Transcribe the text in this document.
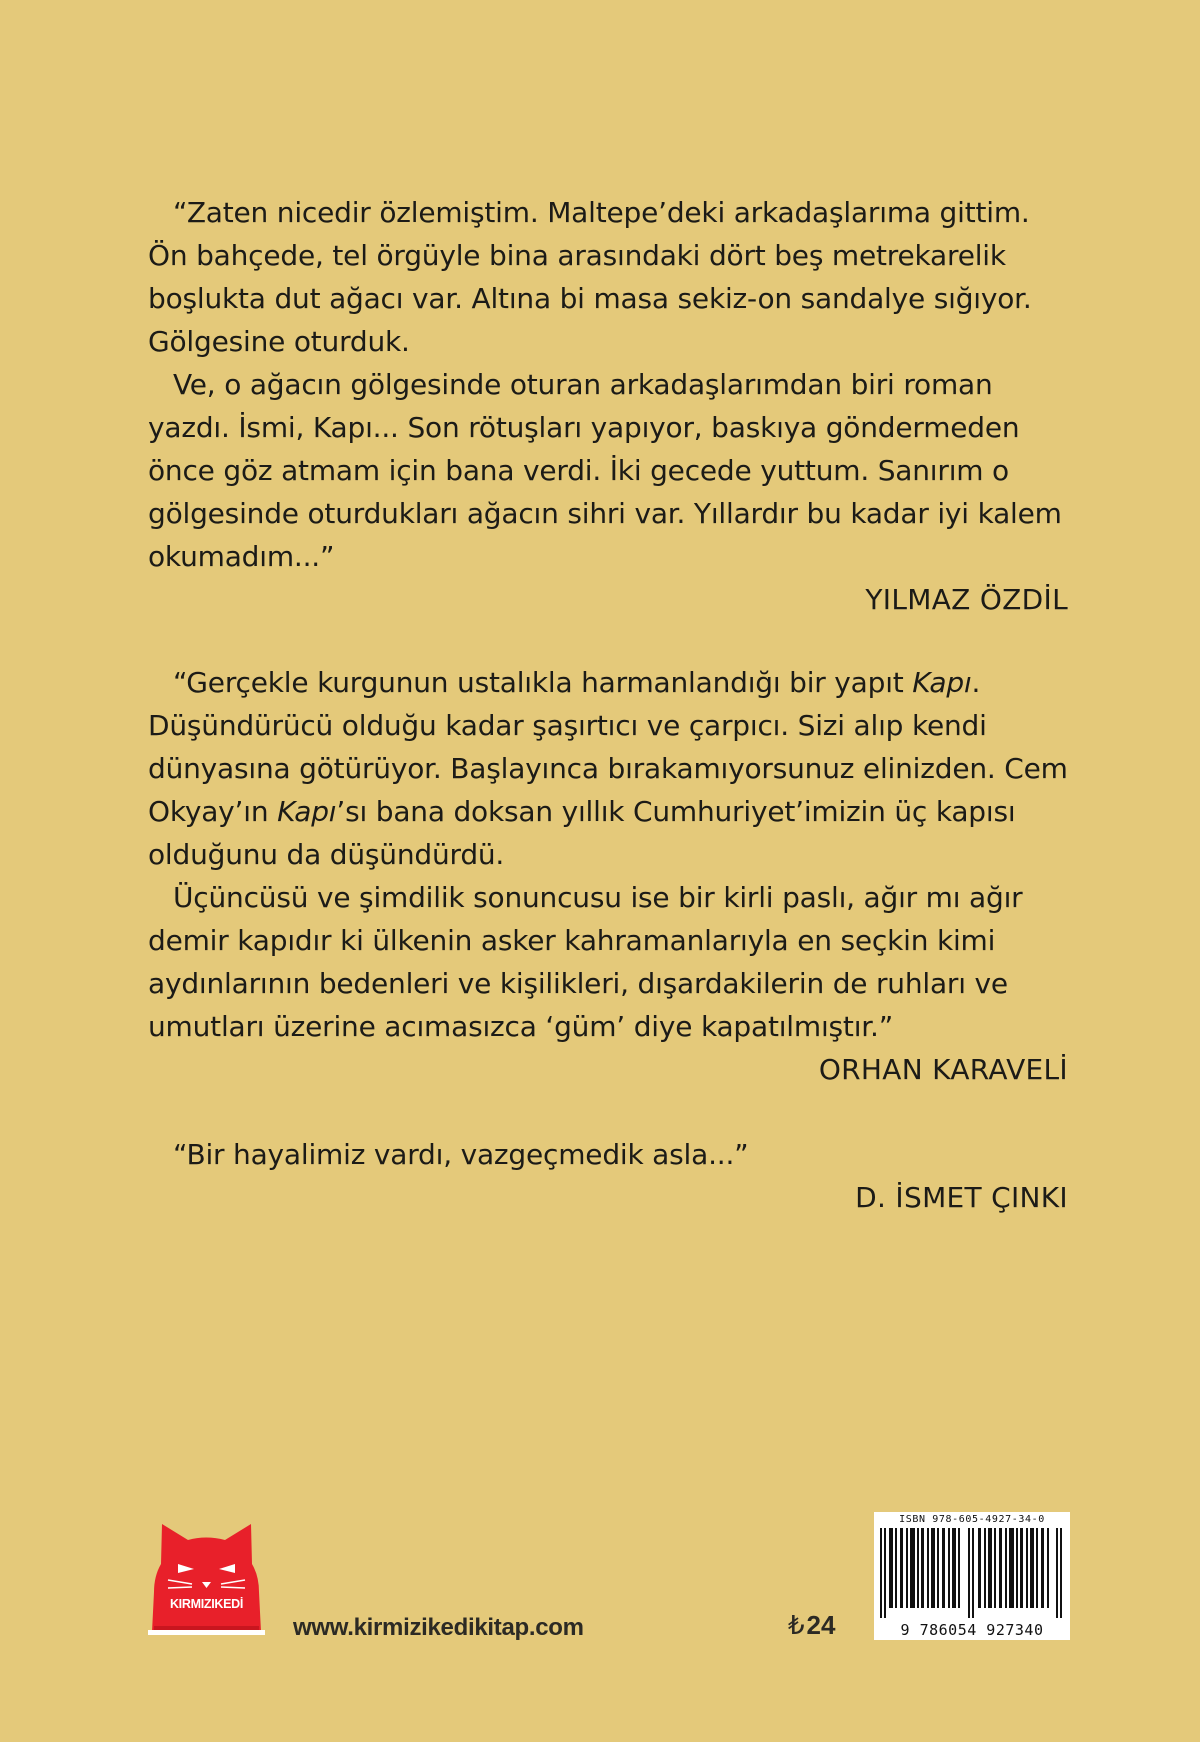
“Zaten nicedir özlemiştim. Maltepe’deki arkadaşlarıma gittim. Ön bahçede, tel örgüyle bina arasındaki dört beş metrekarelik boşlukta dut ağacı var. Altına bi masa sekiz-on sandalye sığıyor. Gölgesine oturduk.

Ve, o ağacın gölgesinde oturan arkadaşlarımdan biri roman yazdı. İsmi, Kapı... Son rötuşları yapıyor, baskıya göndermeden önce göz atmam için bana verdi. İki gecede yuttum. Sanırım o gölgesinde oturdukları ağacın sihri var. Yıllardır bu kadar iyi kalem okumadım...”

YILMAZ ÖZDİL

“Gerçekle kurgunun ustalıkla harmanlandığı bir yapıt Kapı. Düşündürücü olduğu kadar şaşırtıcı ve çarpıcı. Sizi alıp kendi dünyasına götürüyor. Başlayınca bırakamıyorsunuz elinizden. Cem Okyay’ın Kapı’sı bana doksan yıllık Cumhuriyet’imizin üç kapısı olduğunu da düşündürdü.

Üçüncüsü ve şimdilik sonuncusu ise bir kirli paslı, ağır mı ağır demir kapıdır ki ülkenin asker kahramanlarıyla en seçkin kimi aydınlarının bedenleri ve kişilikleri, dışardakilerin de ruhları ve umutları üzerine acımasızca ‘güm’ diye kapatılmıştır.”

ORHAN KARAVELİ

“Bir hayalimiz vardı, vazgeçmedik asla...”

D. İSMET ÇINKI
KIRMIZIKEDİ
www.kirmizikedikitap.com	₺24
ISBN 978-605-4927-34-0
9 786054 927340
